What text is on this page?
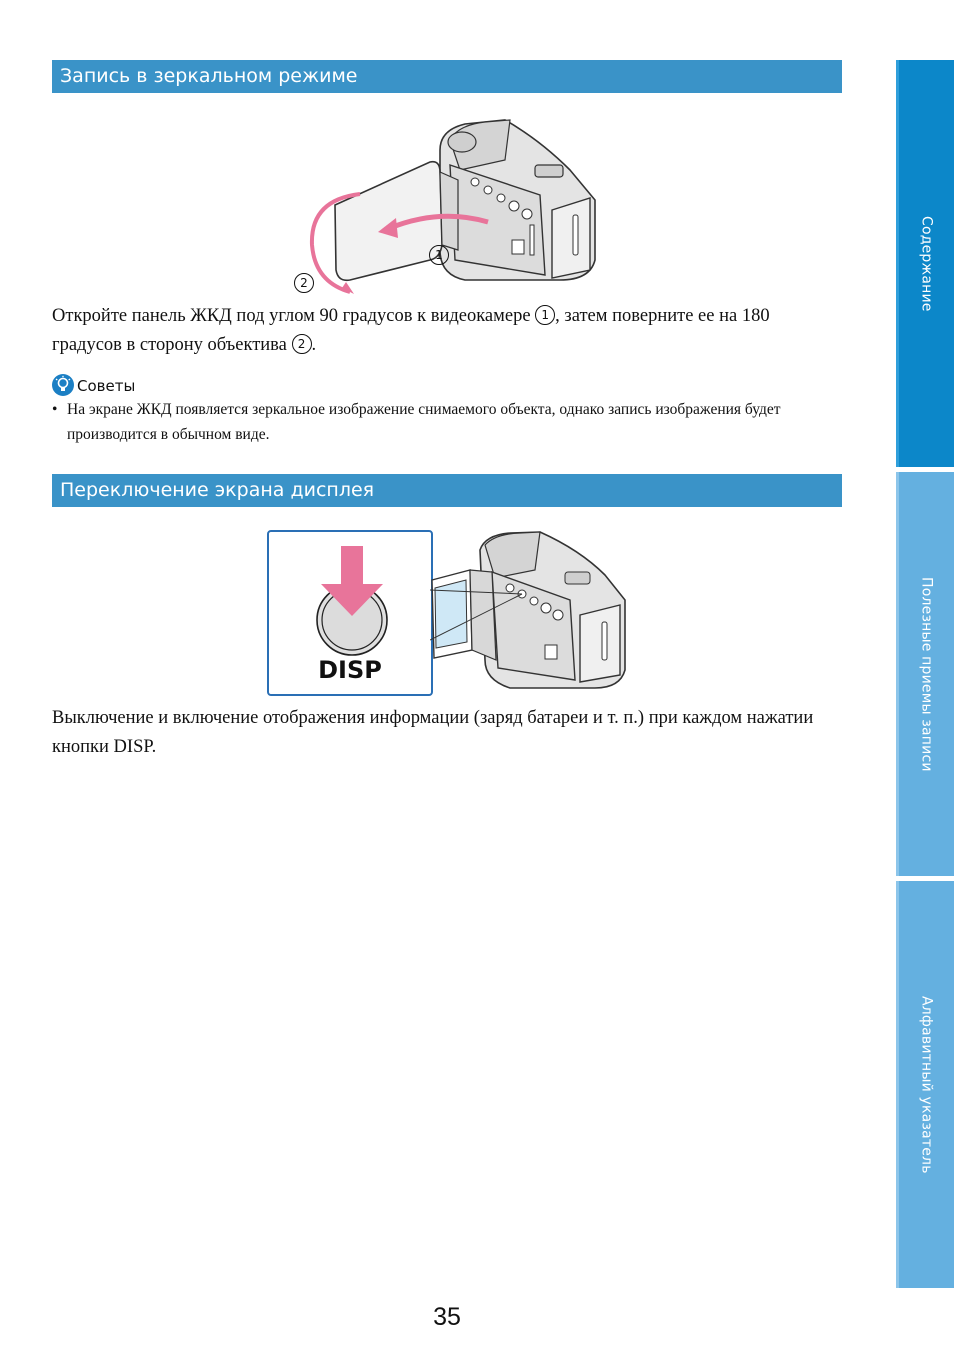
Запись в зеркальном режиме
1
2
Откройте панель ЖКД под углом 90 градусов к видеокамере 1 , затем поверните ее на 180 градусов в сторону объектива 2 .
Советы
• На экране ЖКД появляется зеркальное изображение снимаемого объекта, однако запись изображения будет производится в обычном виде.
Переключение экрана дисплея
DISP
Выключение и включение отображения информации (заряд батареи и т. п.) при каждом нажатии кнопки DISP.
Содержание
Полезные приемы записи
Алфавитный указатель
35
